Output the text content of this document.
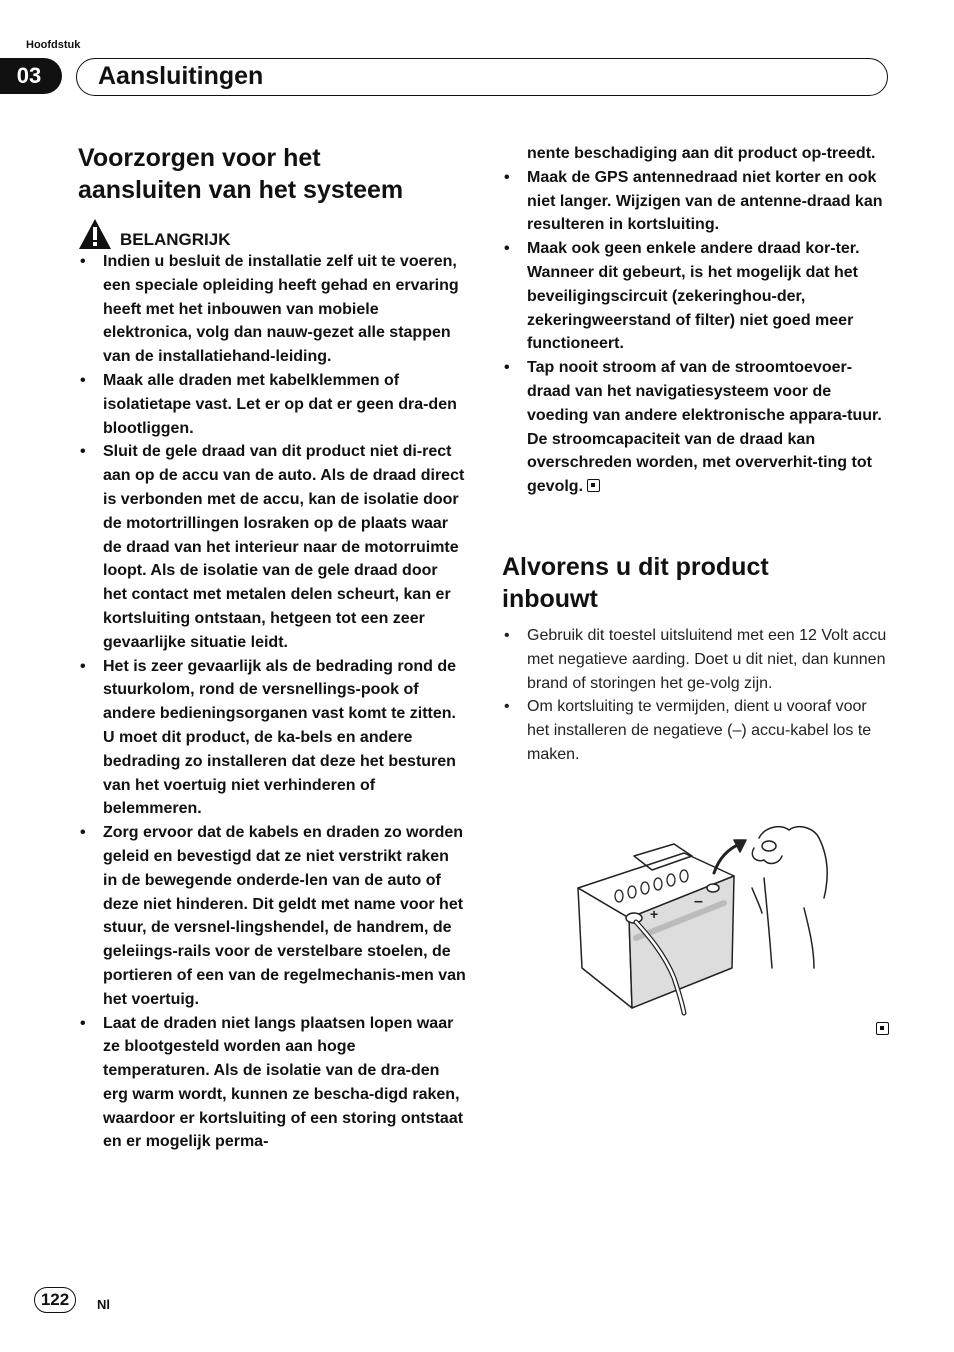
Hoofdstuk
03	Aansluitingen
Voorzorgen voor het
aansluiten van het systeem
BELANGRIJK
• Indien u besluit de installatie zelf uit te voeren, een speciale opleiding heeft gehad en ervaring heeft met het inbouwen van mobiele elektronica, volg dan nauw-gezet alle stappen van de installatiehand-leiding.
• Maak alle draden met kabelklemmen of isolatietape vast. Let er op dat er geen dra-den blootliggen.
• Sluit de gele draad van dit product niet di-rect aan op de accu van de auto. Als de draad direct is verbonden met de accu, kan de isolatie door de motortrillingen losraken op de plaats waar de draad van het interieur naar de motorruimte loopt. Als de isolatie van de gele draad door het contact met metalen delen scheurt, kan er kortsluiting ontstaan, hetgeen tot een zeer gevaarlijke situatie leidt.
• Het is zeer gevaarlijk als de bedrading rond de stuurkolom, rond de versnellings-pook of andere bedieningsorganen vast komt te zitten. U moet dit product, de ka-bels en andere bedrading zo installeren dat deze het besturen van het voertuig niet verhinderen of belemmeren.
• Zorg ervoor dat de kabels en draden zo worden geleid en bevestigd dat ze niet verstrikt raken in de bewegende onderde-len van de auto of deze niet hinderen. Dit geldt met name voor het stuur, de versnel-lingshendel, de handrem, de geleiings-rails voor de verstelbare stoelen, de portieren of een van de regelmechanis-men van het voertuig.
• Laat de draden niet langs plaatsen lopen waar ze blootgesteld worden aan hoge temperaturen. Als de isolatie van de dra-den erg warm wordt, kunnen ze bescha-digd raken, waardoor er kortsluiting of een storing ontstaat en er mogelijk perma-
nente beschadiging aan dit product op-treedt.
• Maak de GPS antennedraad niet korter en ook niet langer. Wijzigen van de antenne-draad kan resulteren in kortsluiting.
• Maak ook geen enkele andere draad kor-ter. Wanneer dit gebeurt, is het mogelijk dat het beveiligingscircuit (zekeringhou-der, zekeringweerstand of filter) niet goed meer functioneert.
• Tap nooit stroom af van de stroomtoevoer-draad van het navigatiesysteem voor de voeding van andere elektronische appara-tuur. De stroomcapaciteit van de draad kan overschreden worden, met oververhit-ting tot gevolg.
Alvorens u dit product
inbouwt
• Gebruik dit toestel uitsluitend met een 12 Volt accu met negatieve aarding. Doet u dit niet, dan kunnen brand of storingen het ge-volg zijn.
• Om kortsluiting te vermijden, dient u vooraf voor het installeren de negatieve (–) accu-kabel los te maken.
+
–
122	Nl
